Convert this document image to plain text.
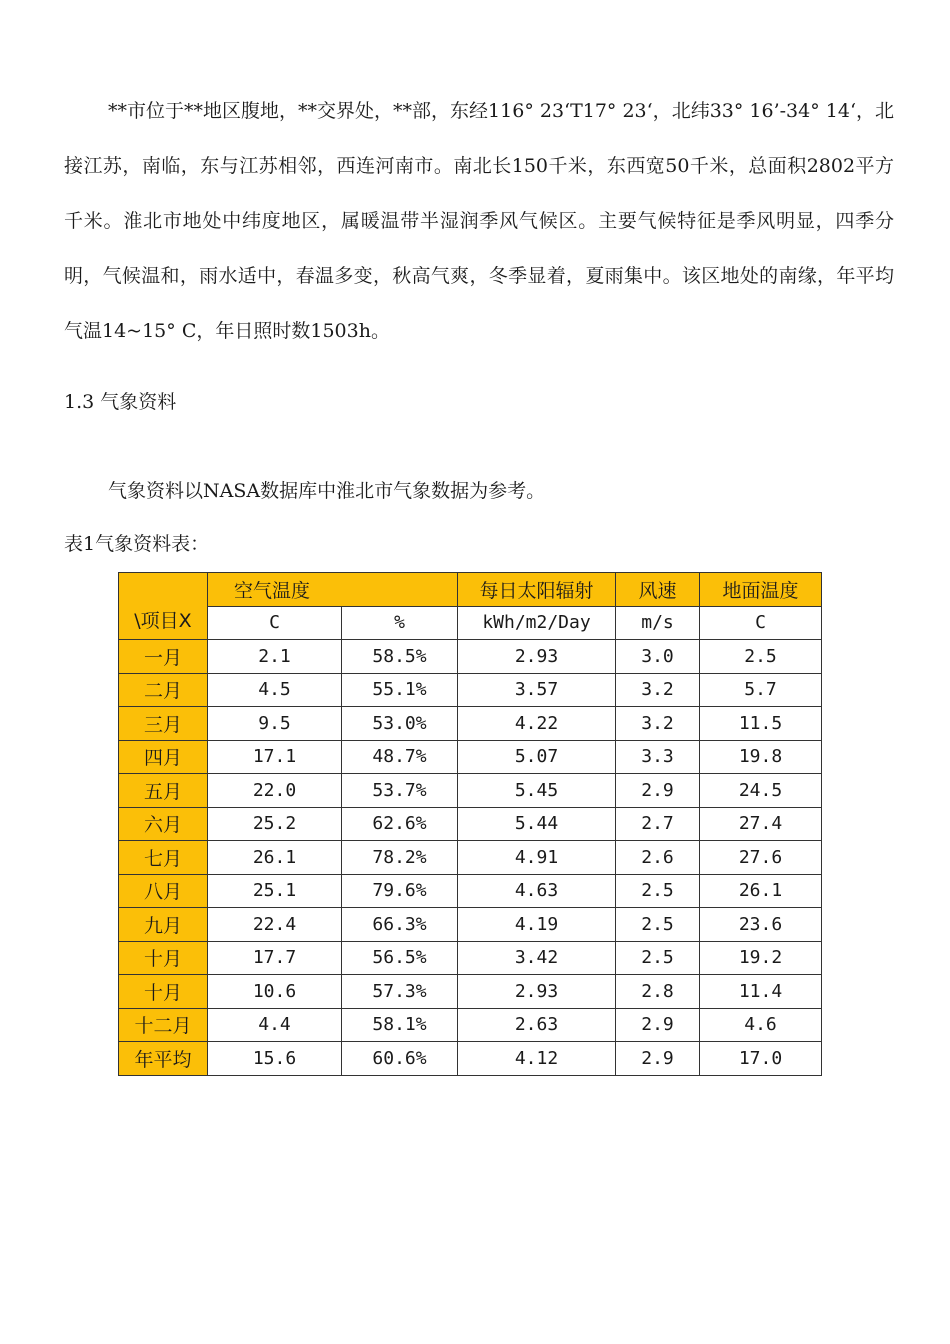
**市位于**地区腹地，**交界处，**部，东经116° 23‘T17° 23‘，北纬33° 16’-34° 14‘，北接江苏，南临，东与江苏相邻，西连河南市。南北长150千米，东西宽50千米，总面积2802平方千米。淮北市地处中纬度地区，属暖温带半湿润季风气候区。主要气候特征是季风明显，四季分明，气候温和，雨水适中，春温多变，秋高气爽，冬季显着，夏雨集中。该区地处的南缘，年平均气温14~15° C，年日照时数1503h。

1.3 气象资料

气象资料以NASA数据库中淮北市气象数据为参考。

表1气象资料表：

\项目X	空气温度		每日太阳辐射	风速	地面温度
	C	%	kWh/m2/Day	m/s	C
一月	2.1	58.5%	2.93	3.0	2.5
二月	4.5	55.1%	3.57	3.2	5.7
三月	9.5	53.0%	4.22	3.2	11.5
四月	17.1	48.7%	5.07	3.3	19.8
五月	22.0	53.7%	5.45	2.9	24.5
六月	25.2	62.6%	5.44	2.7	27.4
七月	26.1	78.2%	4.91	2.6	27.6
八月	25.1	79.6%	4.63	2.5	26.1
九月	22.4	66.3%	4.19	2.5	23.6
十月	17.7	56.5%	3.42	2.5	19.2
十月	10.6	57.3%	2.93	2.8	11.4
十二月	4.4	58.1%	2.63	2.9	4.6
年平均	15.6	60.6%	4.12	2.9	17.0
